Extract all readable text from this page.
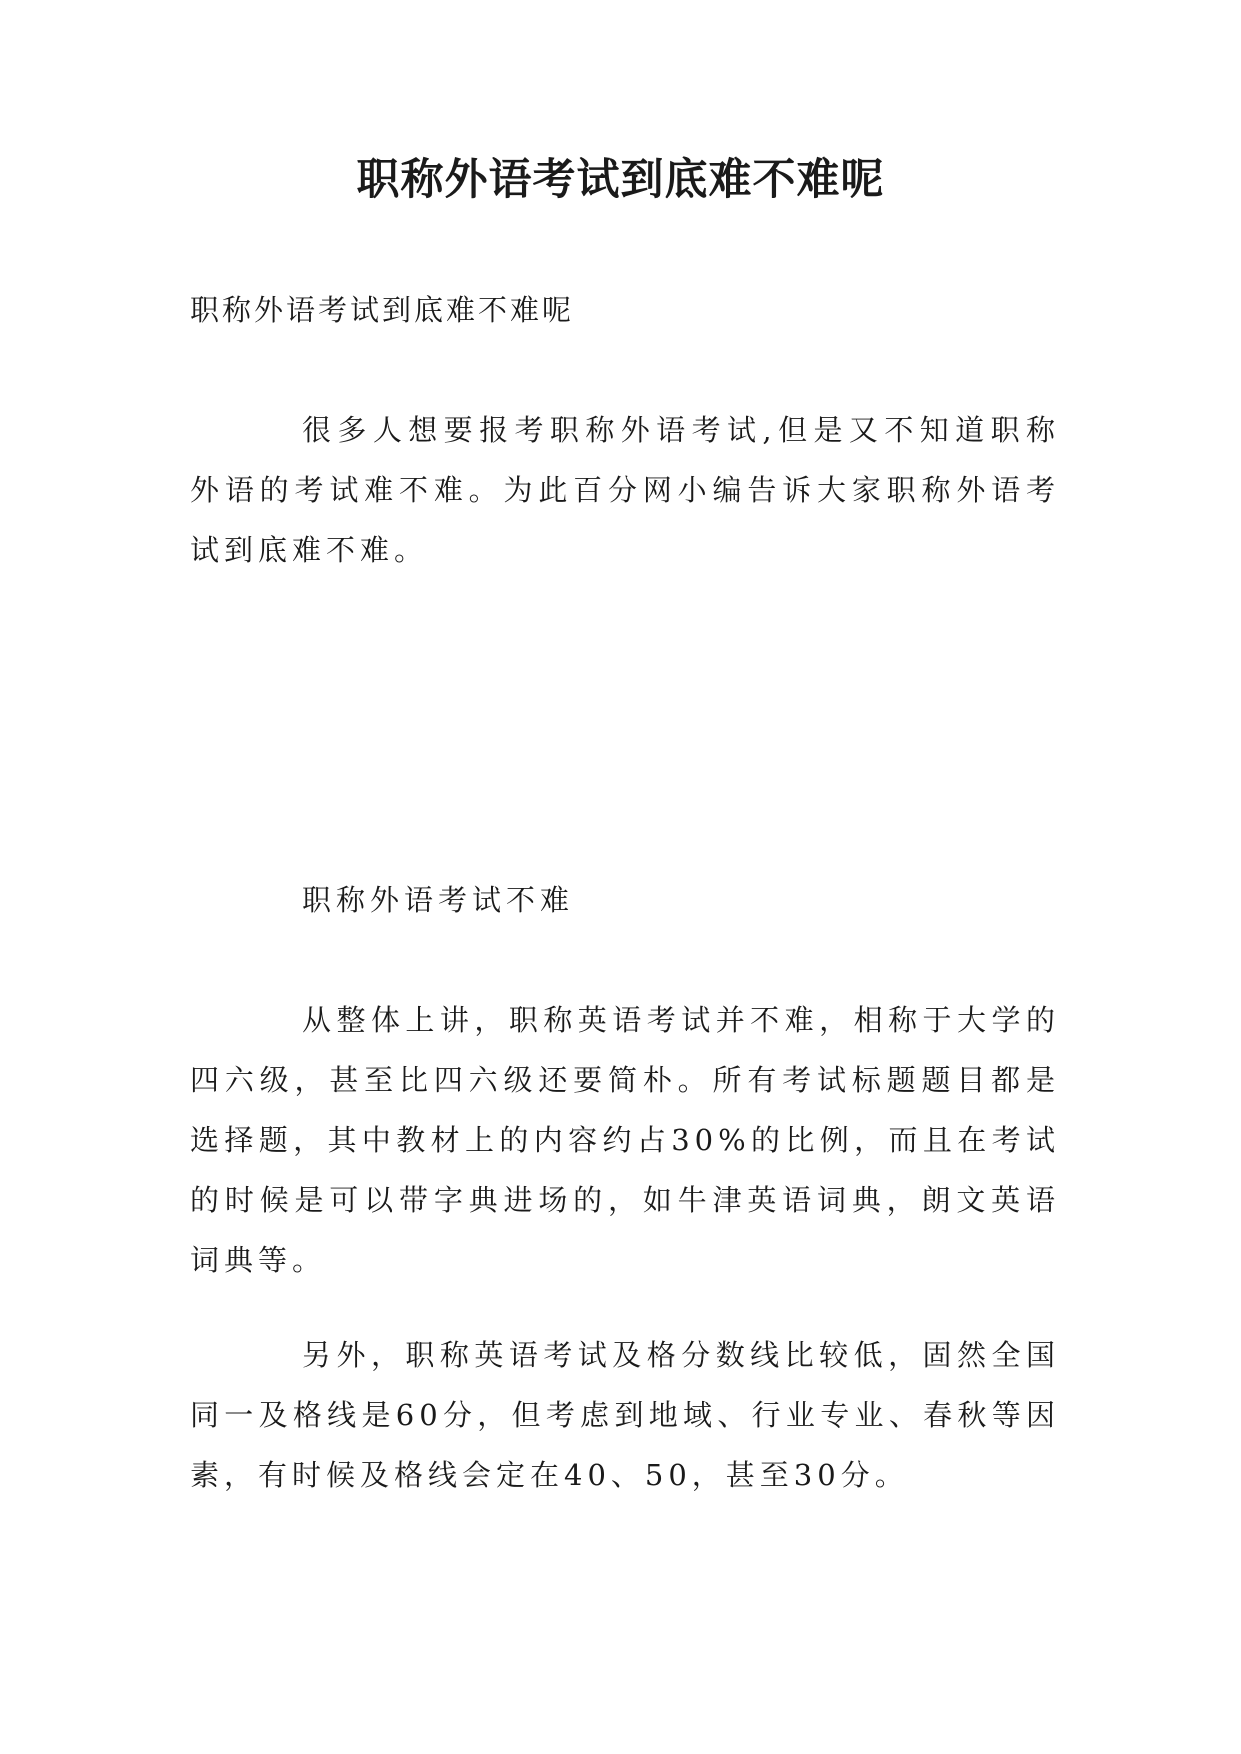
职称外语考试到底难不难呢

职称外语考试到底难不难呢

很多人想要报考职称外语考试,但是又不知道职称外语的考试难不难。为此百分网小编告诉大家职称外语考试到底难不难。

职称外语考试不难

从整体上讲，职称英语考试并不难，相称于大学的四六级，甚至比四六级还要简朴。所有考试标题题目都是选择题，其中教材上的内容约占30%的比例，而且在考试的时候是可以带字典进场的，如牛津英语词典，朗文英语词典等。

另外，职称英语考试及格分数线比较低，固然全国同一及格线是60分，但考虑到地域、行业专业、春秋等因素，有时候及格线会定在40、50，甚至30分。
